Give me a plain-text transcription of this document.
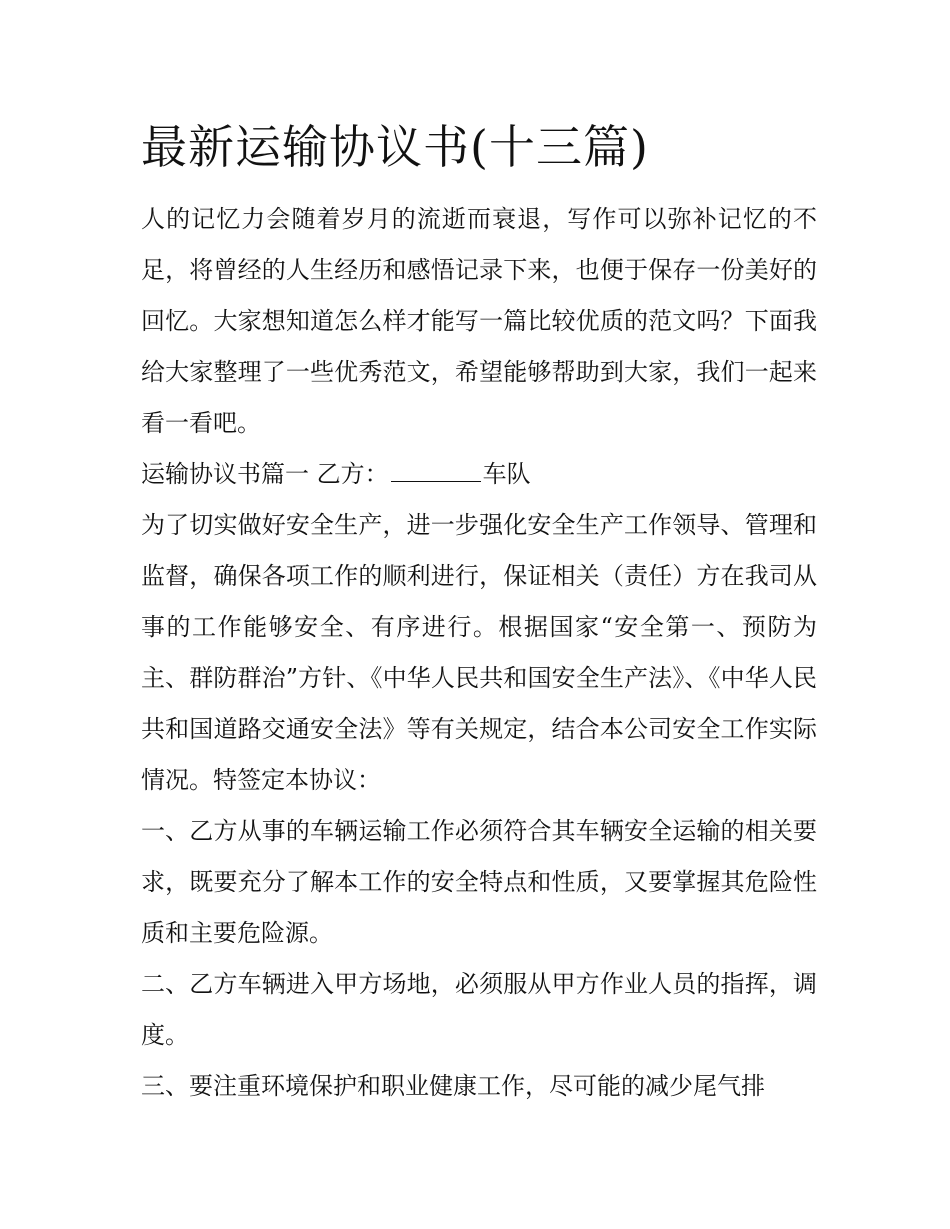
最新运输协议书(十三篇)

人的记忆力会随着岁月的流逝而衰退，写作可以弥补记忆的不足，将曾经的人生经历和感悟记录下来，也便于保存一份美好的回忆。大家想知道怎么样才能写一篇比较优质的范文吗？下面我给大家整理了一些优秀范文，希望能够帮助到大家，我们一起来看一看吧。

运输协议书篇一 乙方：	车队

为了切实做好安全生产，进一步强化安全生产工作领导、管理和监督，确保各项工作的顺利进行，保证相关（责任）方在我司从事的工作能够安全、有序进行。根据国家“安全第一、预防为主、群防群治”方针、《中华人民共和国安全生产法》、《中华人民共和国道路交通安全法》等有关规定，结合本公司安全工作实际情况。特签定本协议：

一、乙方从事的车辆运输工作必须符合其车辆安全运输的相关要求，既要充分了解本工作的安全特点和性质，又要掌握其危险性质和主要危险源。

二、乙方车辆进入甲方场地，必须服从甲方作业人员的指挥，调度。

三、要注重环境保护和职业健康工作，尽可能的减少尾气排
